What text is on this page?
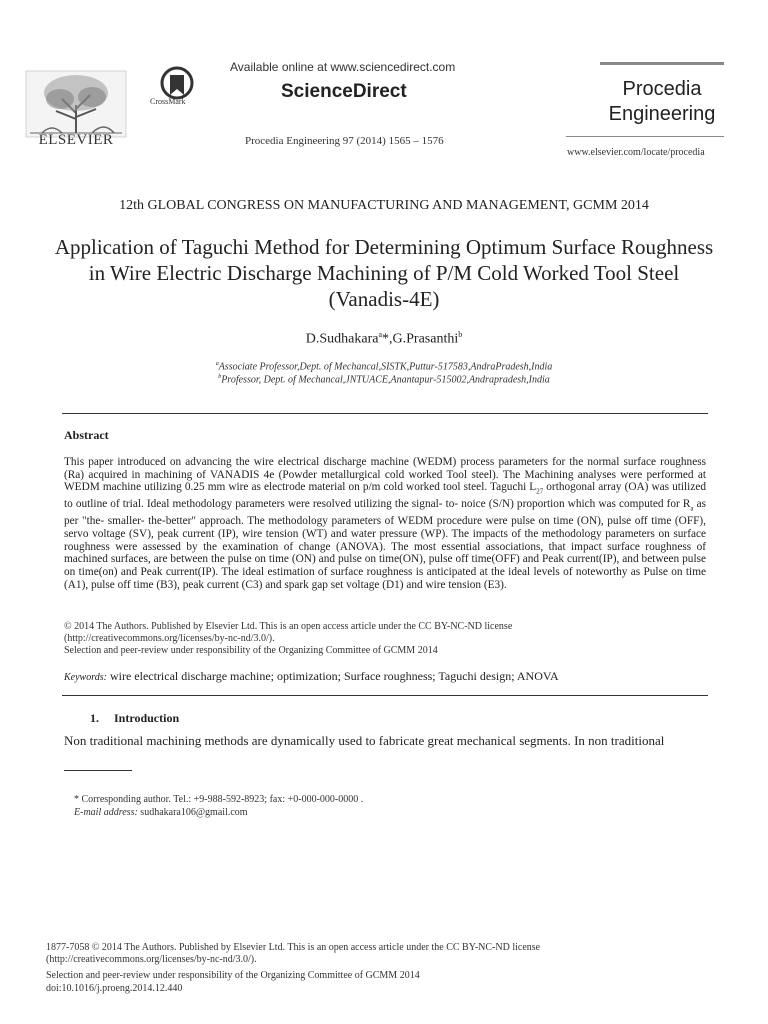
ELSEVIER
CrossMark
Available online at www.sciencedirect.com
ScienceDirect
Procedia Engineering 97 (2014) 1565 – 1576
Procedia
Engineering
www.elsevier.com/locate/procedia
12th GLOBAL CONGRESS ON MANUFACTURING AND MANAGEMENT, GCMM 2014
Application of Taguchi Method for Determining Optimum Surface Roughness in Wire Electric Discharge Machining of P/M Cold Worked Tool Steel (Vanadis-4E)
D.Sudhakara$^a$*,G.Prasanthi$^b$
$^a$Associate Professor,Dept. of Mechancal,SISTK,Puttur-517583,AndraPradesh,India
$^b$Professor, Dept. of Mechancal,JNTUACE,Anantapur-515002,Andrapradesh,India
Abstract
This paper introduced on advancing the wire electrical discharge machine (WEDM) process parameters for the normal surface roughness (Ra) acquired in machining of VANADIS 4e (Powder metallurgical cold worked Tool steel). The Machining analyses were performed at WEDM machine utilizing 0.25 mm wire as electrode material on p/m cold worked tool steel. Taguchi $L_{27}$ orthogonal array (OA) was utilized to outline of trial. Ideal methodology parameters were resolved utilizing the signal- to- noice (S/N) proportion which was computed for $R_a$ as per "the- smaller- the-better" approach. The methodology parameters of WEDM procedure were pulse on time (ON), pulse off time (OFF), servo voltage (SV), peak current (IP), wire tension (WT) and water pressure (WP). The impacts of the methodology parameters on surface roughness were assessed by the examination of change (ANOVA). The most essential associations, that impact surface roughness of machined surfaces, are between the pulse on time (ON) and pulse on time(ON), pulse off time(OFF) and Peak current(IP), and between pulse on time(on) and Peak current(IP). The ideal estimation of surface roughness is anticipated at the ideal levels of noteworthy as Pulse on time (A1), pulse off time (B3), peak current (C3) and spark gap set voltage (D1) and wire tension (E3).
© 2014 The Authors. Published by Elsevier Ltd. This is an open access article under the CC BY-NC-ND license
(http://creativecommons.org/licenses/by-nc-nd/3.0/).
Selection and peer-review under responsibility of the Organizing Committee of GCMM 2014
Keywords: wire electrical discharge machine; optimization; Surface roughness; Taguchi design; ANOVA
1. Introduction
Non traditional machining methods are dynamically used to fabricate great mechanical segments. In non traditional
* Corresponding author. Tel.: +9-988-592-8923; fax: +0-000-000-0000 .
E-mail address: sudhakara106@gmail.com
1877-7058 © 2014 The Authors. Published by Elsevier Ltd. This is an open access article under the CC BY-NC-ND license
(http://creativecommons.org/licenses/by-nc-nd/3.0/).
Selection and peer-review under responsibility of the Organizing Committee of GCMM 2014
doi:10.1016/j.proeng.2014.12.440
